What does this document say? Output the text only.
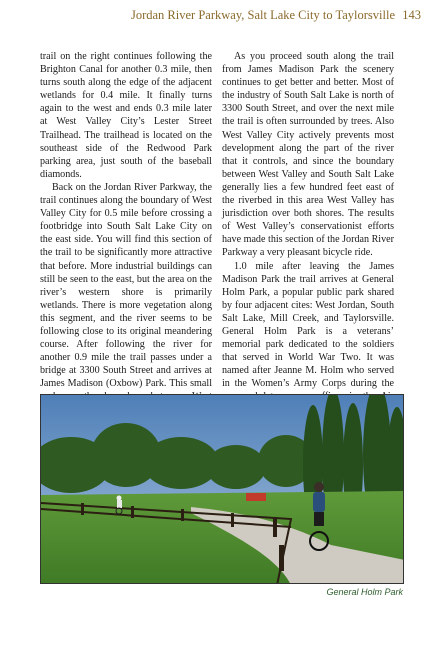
Jordan River Parkway, Salt Lake City to Taylorsville 143

trail on the right continues following the Brighton Canal for another 0.3 mile, then turns south along the edge of the adjacent wetlands for 0.4 mile. It finally turns again to the west and ends 0.3 mile later at West Valley City’s Lester Street Trailhead. The trailhead is located on the southeast side of the Redwood Park parking area, just south of the baseball diamonds.

Back on the Jordan River Parkway, the trail continues along the boundary of West Valley City for 0.5 mile before crossing a footbridge into South Salt Lake City on the east side. You will find this section of the trail to be significantly more attractive that before. More industrial buildings can still be seen to the east, but the area on the river’s western shore is primarily wetlands. There is more vegetation along this segment, and the river seems to be following close to its original meandering course. After following the river for another 0.9 mile the trail passes under a bridge at 3300 South Street and arrives at James Madison (Oxbow) Park. This small

As you proceed south along the trail from James Madison Park the scenery continues to get better and better. Most of the industry of South Salt Lake is north of 3300 South Street, and over the next mile the trail is often surrounded by trees. Also West Valley City actively prevents most development along the part of the river that it controls, and since the boundary between West Valley and South Salt Lake generally lies a few hundred feet east of the riverbed in this area West Valley has jurisdiction over both shores. The results of West Valley’s conservationist efforts have made this section of the Jordan River Parkway a very pleasant bicycle ride.

1.0 mile after leaving the James Madison Park the trail arrives at General Holm Park, a popular public park shared by four adjacent cites: West Jordan, South Salt Lake, Mill Creek, and Taylorsville. General Holm Park is a veterans’ memorial park dedicated to the soldiers that served in World War Two. It was named after Jeanne M. Holm who served in the Women’s Army Corps during the

General Holm Park
